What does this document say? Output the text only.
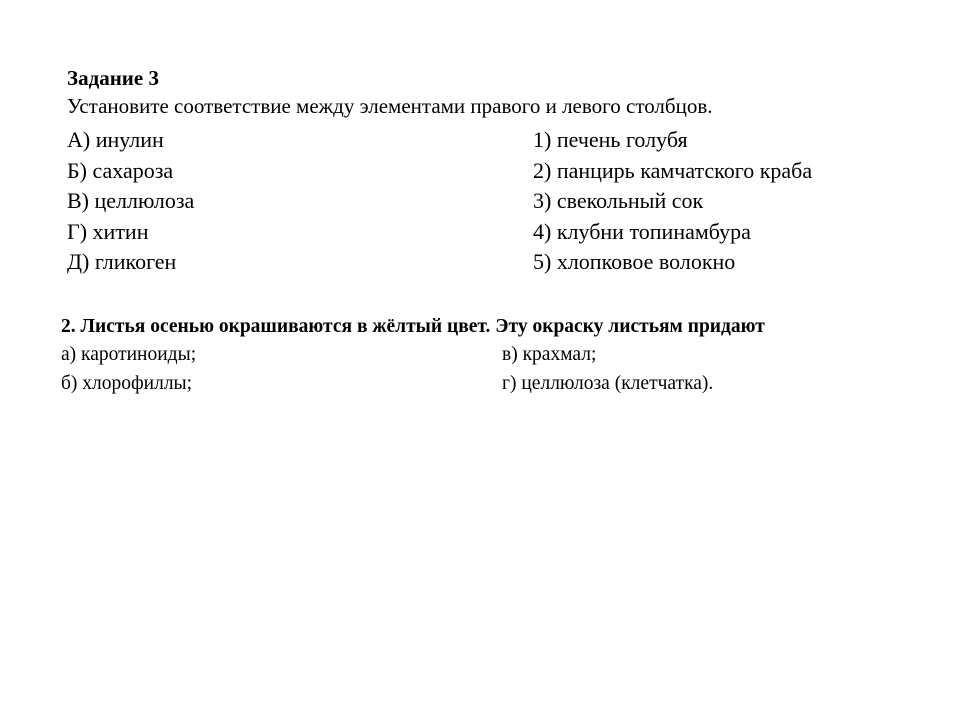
Задание 3

Установите соответствие между элементами правого и левого столбцов.

А) инулин	1) печень голубя
Б) сахароза	2) панцирь камчатского краба
В) целлюлоза	3) свекольный сок
Г) хитин	4) клубни топинамбура
Д) гликоген	5) хлопковое волокно

2. Листья осенью окрашиваются в жёлтый цвет. Эту окраску листьям придают

а) каротиноиды;	в) крахмал;
б) хлорофиллы;	г) целлюлоза (клетчатка).
